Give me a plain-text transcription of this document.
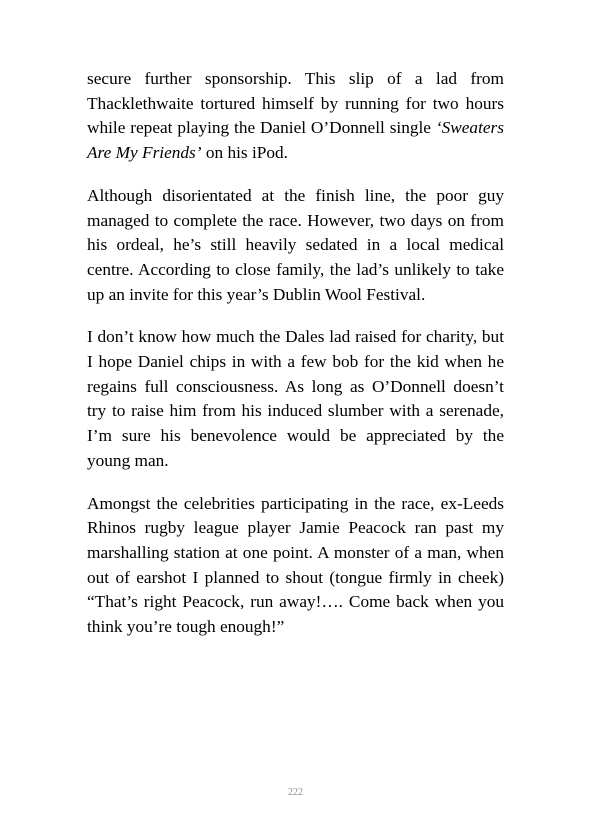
secure further sponsorship. This slip of a lad from Thacklethwaite tortured himself by running for two hours while repeat playing the Daniel O’Donnell single ‘Sweaters Are My Friends’ on his iPod.

Although disorientated at the finish line, the poor guy managed to complete the race. However, two days on from his ordeal, he’s still heavily sedated in a local medical centre. According to close family, the lad’s unlikely to take up an invite for this year’s Dublin Wool Festival.

I don’t know how much the Dales lad raised for charity, but I hope Daniel chips in with a few bob for the kid when he regains full consciousness. As long as O’Donnell doesn’t try to raise him from his induced slumber with a serenade, I’m sure his benevolence would be appreciated by the young man.

Amongst the celebrities participating in the race, ex-Leeds Rhinos rugby league player Jamie Peacock ran past my marshalling station at one point. A monster of a man, when out of earshot I planned to shout (tongue firmly in cheek) “That’s right Peacock, run away!…. Come back when you think you’re tough enough!”

222
